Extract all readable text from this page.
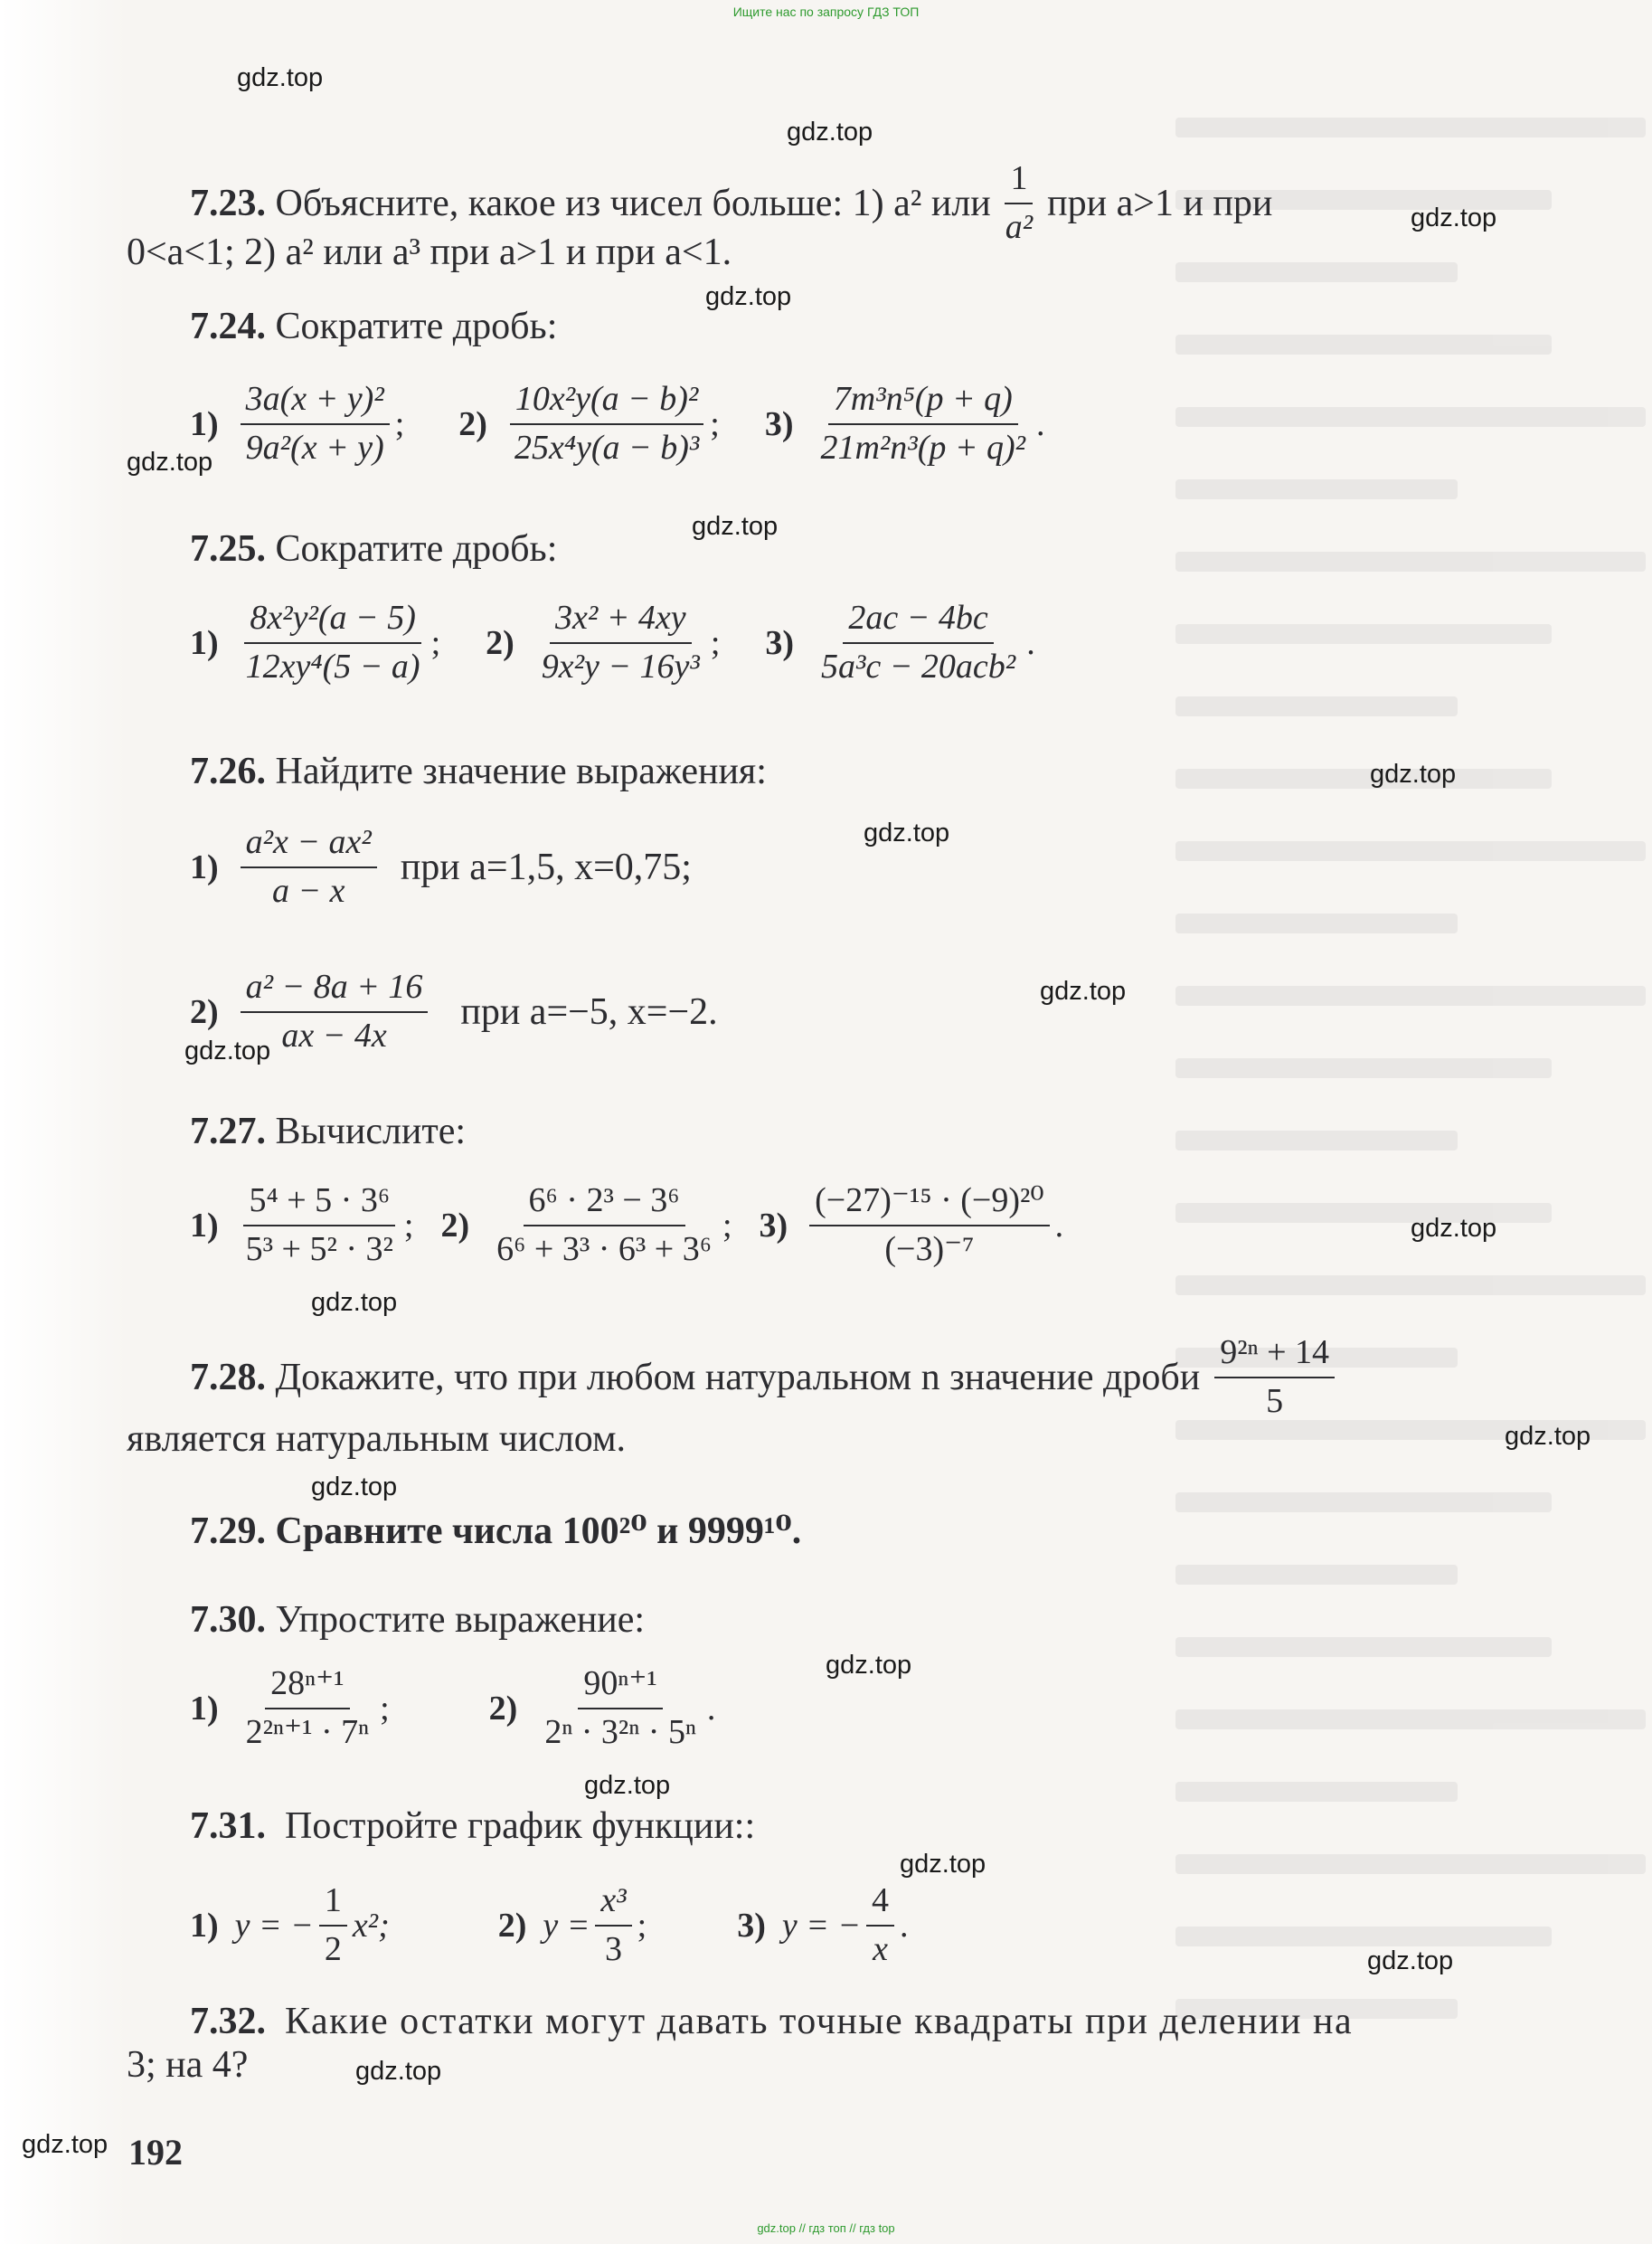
Ищите нас по запросу ГДЗ ТОП
gdz.top
gdz.top
gdz.top
gdz.top
gdz.top
gdz.top
gdz.top
gdz.top
gdz.top
gdz.top
gdz.top
gdz.top
gdz.top
gdz.top
gdz.top
gdz.top
gdz.top
gdz.top
gdz.top
gdz.top
7.23.
Объясните, какое из чисел больше: 1) a² или $\frac{1}{\text{a²}}$ при a>1 и при
0<a<1; 2) a² или a³ при a>1 и при a<1.
7.24. Сократите дробь:
$1) \frac{\text{3a(x + y)²}}{\text{9a²(x + y)}}$ ; $2) \frac{\text{10x²y(a − b)²}}{\text{25x⁴y(a − b)³}}$ ; $3) \frac{\text{7m³n⁵(p + q)}}{\text{21m²n³(p + q)²}}$ .
7.25. Сократите дробь:
$1) \frac{\text{8x²y²(a − 5)}}{\text{12xy⁴(5 − a)}}$ ; $2) \frac{\text{3x² + 4xy}}{\text{9x²y − 16y³}}$ ; $3) \frac{2ac - 4bc}{\text{5a³c − 20acb²}}$ .
7.26. Найдите значение выражения:
$1) \frac{\text{a²x − ax²}}{a - x}$ при a=1,5, x=0,75;
$2) \frac{\text{a² − 8a + 16}}{ax - 4x}$ при a=−5, x=−2.
7.27. Вычислите:
$1) \frac{\text{5⁴ + 5 · 3⁶}}{\text{5³ + 5² · 3²}}$ ; $2) \frac{\text{6⁶ · 2³ − 3⁶}}{\text{6⁶ + 3³ · 6³ + 3⁶}}$ ; $3) \frac{\text{(−27)⁻¹⁵ · (−9)²⁰}}{\text{(−3)⁻⁷}}$ .
7.28.
Докажите, что при любом натуральном n значение дроби $\frac{\text{9²ⁿ + 14}}{5}$
является натуральным числом.
7.29. Сравните числа 100²⁰ и 9999¹⁰.
7.30. Упростите выражение:
$1) \frac{\text{28ⁿ⁺¹}}{\text{2²ⁿ⁺¹ · 7ⁿ}}$ ;	$2) \frac{\text{90ⁿ⁺¹}}{\text{2ⁿ · 3²ⁿ · 5ⁿ}}$ .
7.31. Постройте график функции::
1) y = − $\frac{1}{2} x^2$;	2) $y = \frac{\text{x³}}{3}$ ;	3) y = − $\frac{4}{x}$ .
7.32. Какие остатки могут давать точные квадраты при делении на
3; на 4?
192
gdz.top // гдз топ // гдз top
